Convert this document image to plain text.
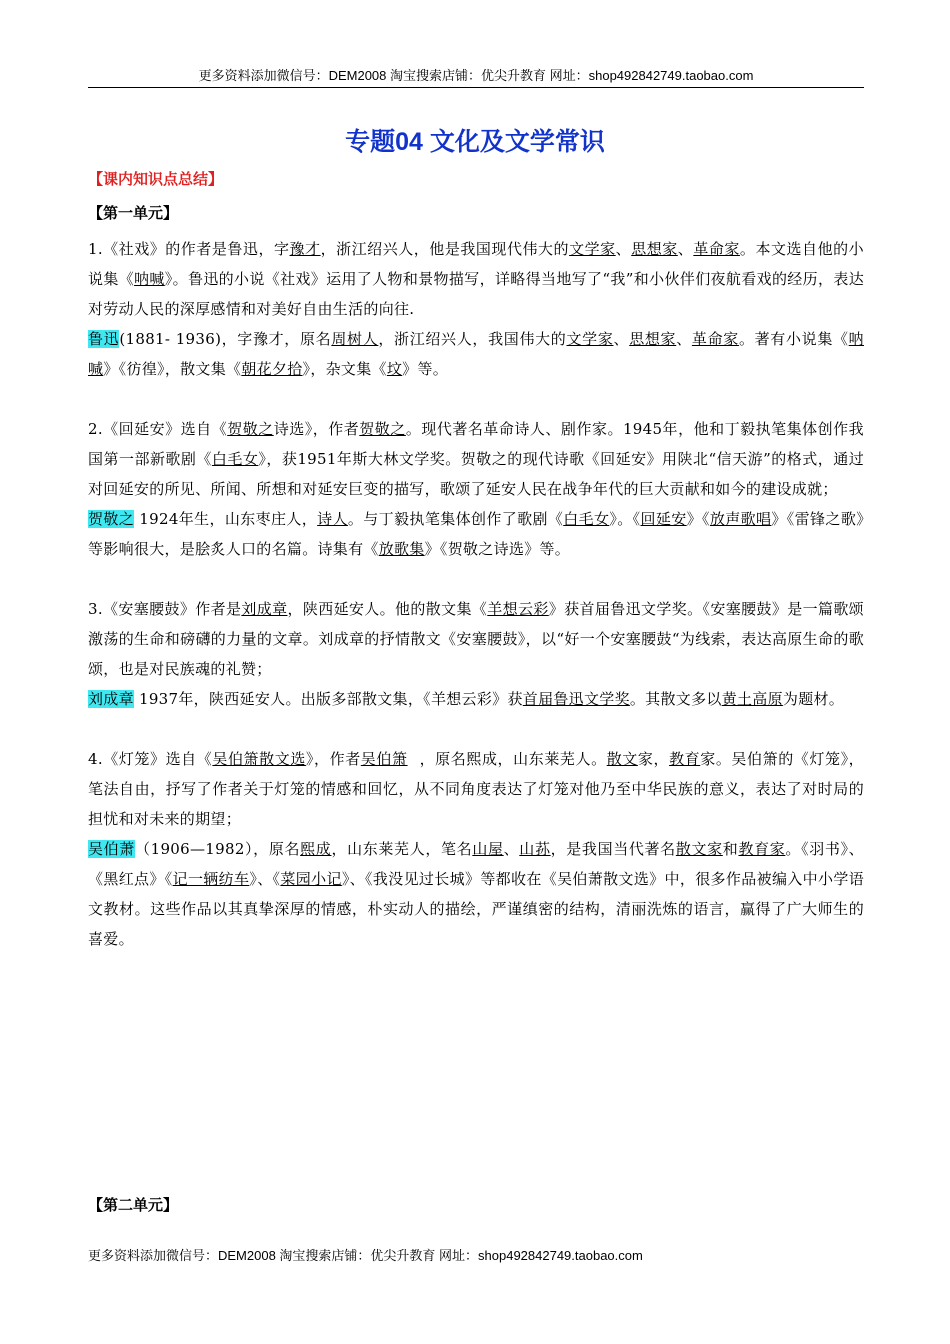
更多资料添加微信号：DEM2008 淘宝搜索店铺：优尖升教育 网址：shop492842749.taobao.com
专题04 文化及文学常识
【课内知识点总结】
【第一单元】

1.《社戏》的作者是鲁迅，字豫才，浙江绍兴人，他是我国现代伟大的文学家、思想家、革命家。本文选自他的小说集《呐喊》。鲁迅的小说《社戏》运用了人物和景物描写，详略得当地写了“我”和小伙伴们夜航看戏的经历，表达对劳动人民的深厚感情和对美好自由生活的向往.

鲁迅(1881- 1936)，字豫才，原名周树人，浙江绍兴人，我国伟大的文学家、思想家、革命家。著有小说集《呐喊》《彷徨》，散文集《朝花夕拾》，杂文集《坟》等。

2.《回延安》选自《贺敬之诗选》，作者贺敬之。现代著名革命诗人、剧作家。1945年，他和丁毅执笔集体创作我国第一部新歌剧《白毛女》，获1951年斯大林文学奖。贺敬之的现代诗歌《回延安》用陕北“信天游”的格式，通过对回延安的所见、所闻、所想和对延安巨变的描写，歌颂了延安人民在战争年代的巨大贡献和如今的建设成就；

贺敬之 1924年生，山东枣庄人，诗人。与丁毅执笔集体创作了歌剧《白毛女》。《回延安》《放声歌唱》《雷锋之歌》等影响很大，是脍炙人口的名篇。诗集有《放歌集》《贺敬之诗选》等。

3.《安塞腰鼓》作者是刘成章，陕西延安人。他的散文集《羊想云彩》获首届鲁迅文学奖。《安塞腰鼓》是一篇歌颂激荡的生命和磅礴的力量的文章。刘成章的抒情散文《安塞腰鼓》，以“好一个安塞腰鼓“为线索，表达高原生命的歌颂，也是对民族魂的礼赞；

刘成章 1937年，陕西延安人。出版多部散文集，《羊想云彩》获首届鲁迅文学奖。其散文多以黄土高原为题材。

4.《灯笼》选自《吴伯箫散文选》，作者吴伯箫 ，原名熙成，山东莱芜人。散文家，教育家。吴伯箫的《灯笼》，笔法自由，抒写了作者关于灯笼的情感和回忆，从不同角度表达了灯笼对他乃至中华民族的意义，表达了对时局的担忧和对未来的期望；

吴伯萧（1906—1982），原名熙成，山东莱芜人，笔名山屋、山荪，是我国当代著名散文家和教育家。《羽书》、《黑红点》《记一辆纺车》、《菜园小记》、《我没见过长城》等都收在《吴伯萧散文选》中，很多作品被编入中小学语文教材。这些作品以其真挚深厚的情感，朴实动人的描绘，严谨缜密的结构，清丽洗炼的语言，赢得了广大师生的喜爱。

【第二单元】
更多资料添加微信号：DEM2008 淘宝搜索店铺：优尖升教育 网址：shop492842749.taobao.com
